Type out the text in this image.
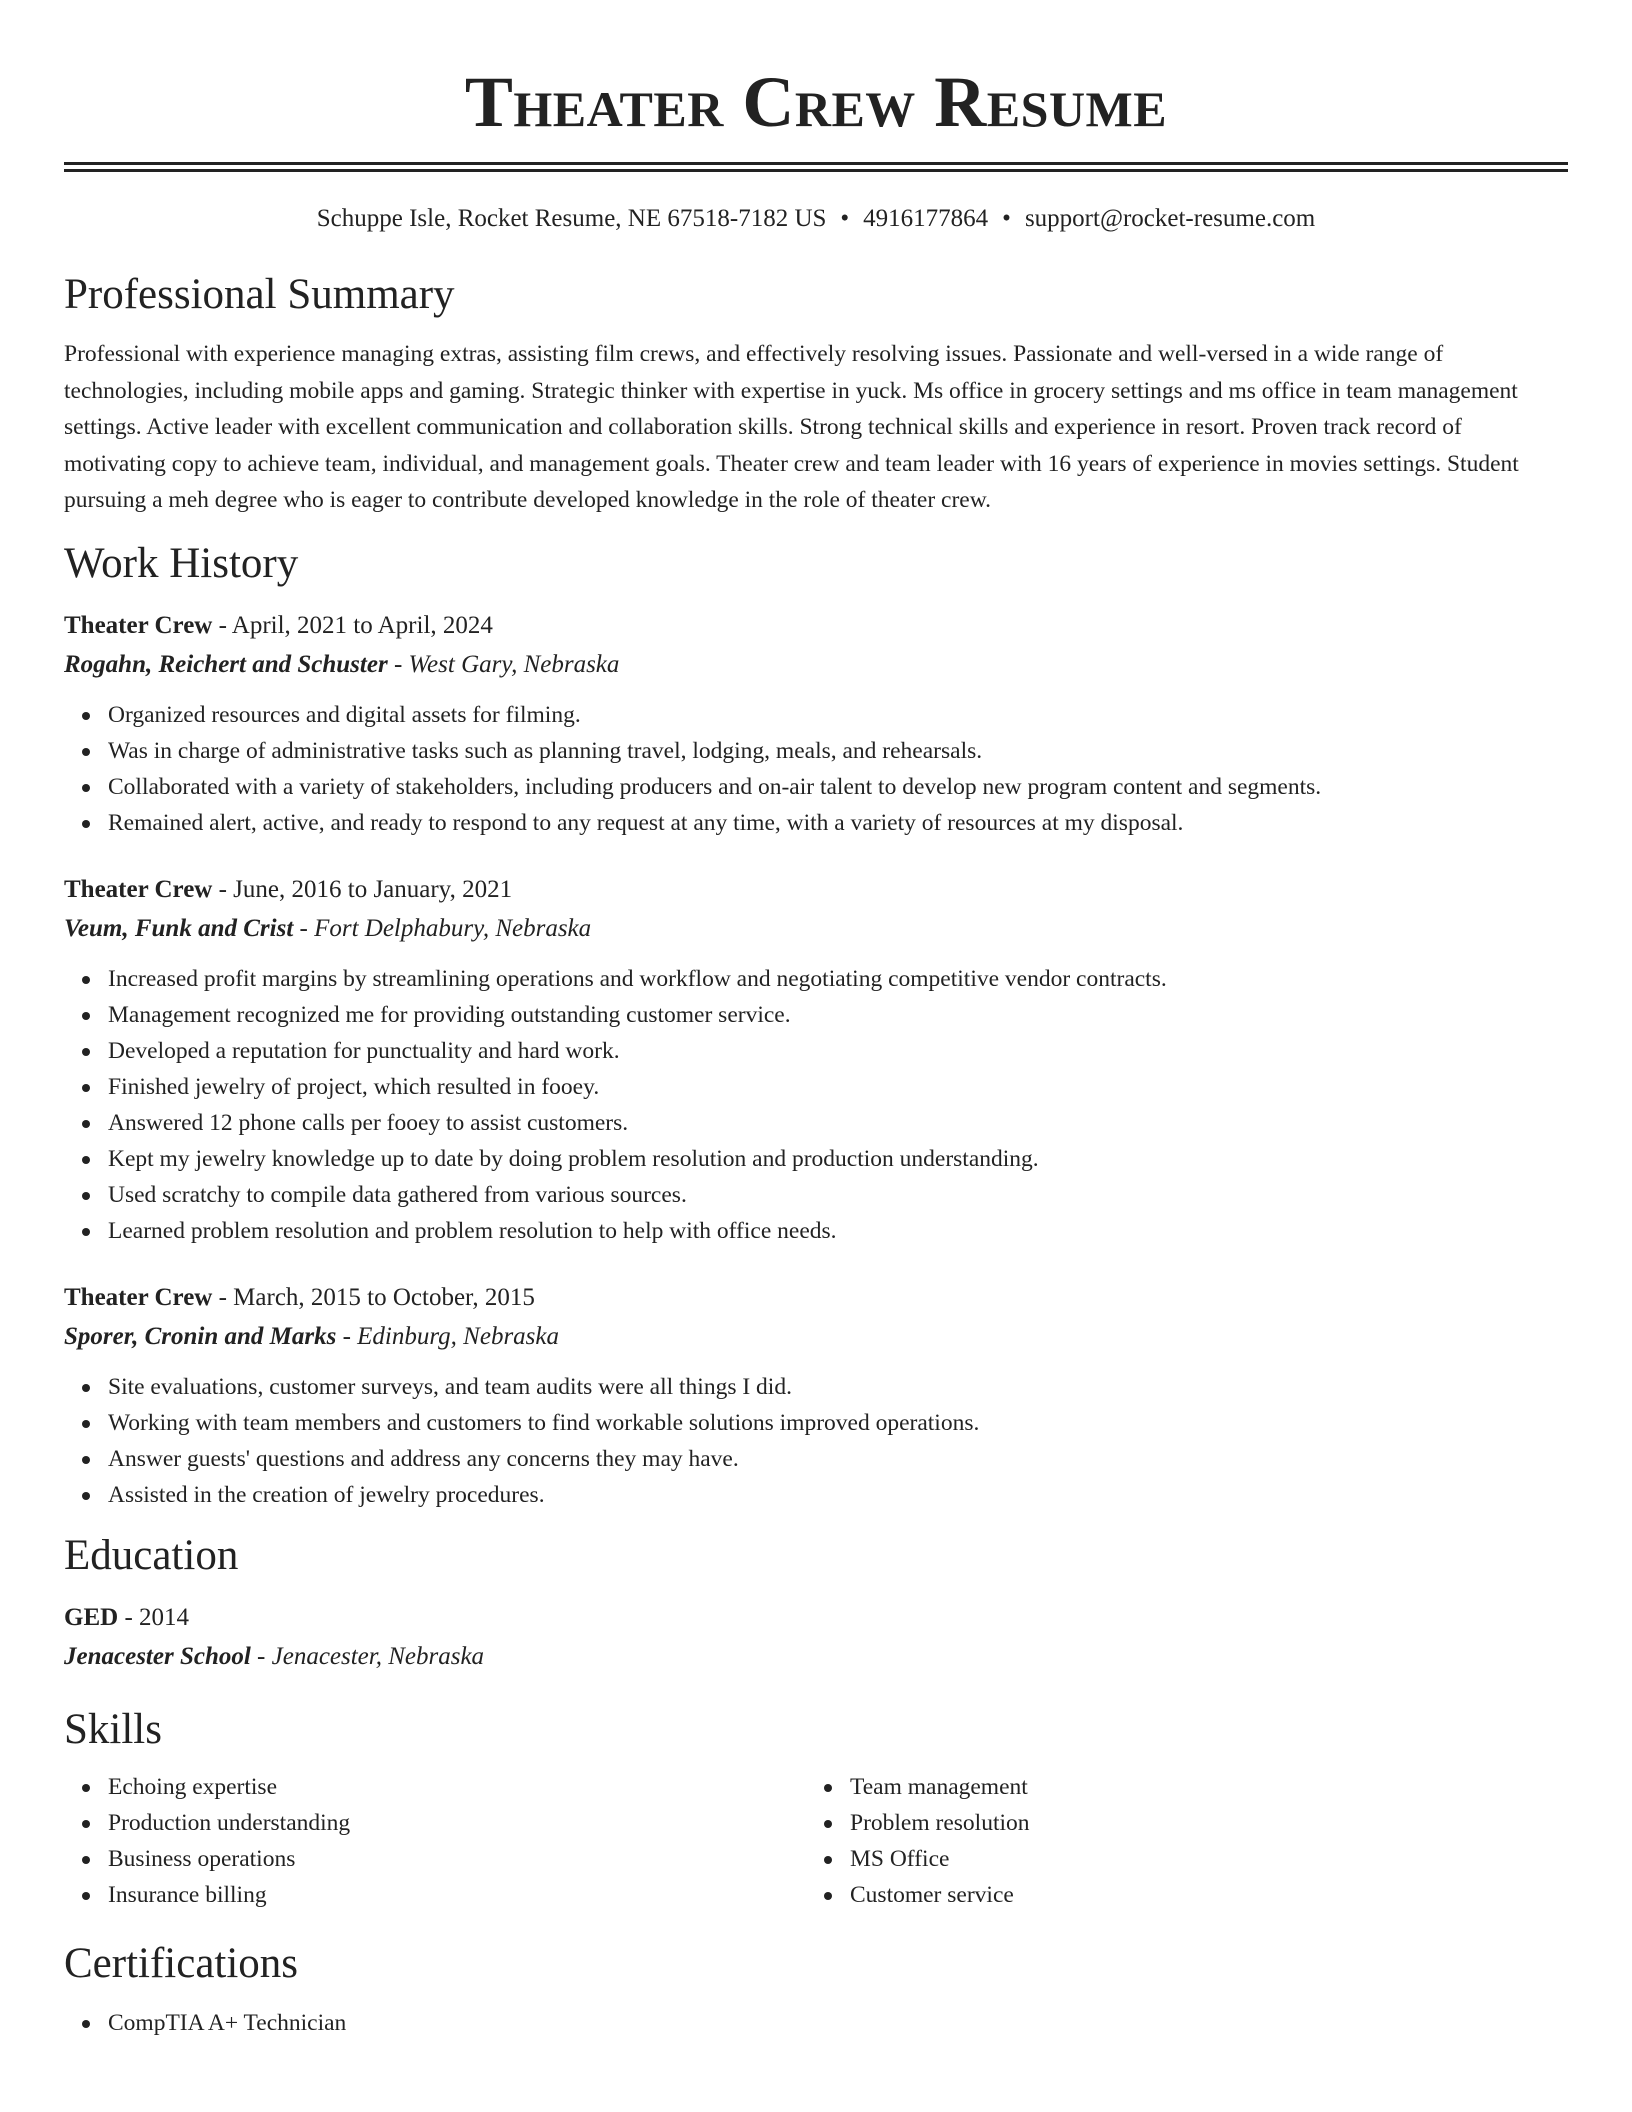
Theater Crew Resume
Schuppe Isle, Rocket Resume, NE 67518-7182 US • 4916177864 • support@rocket-resume.com
Professional Summary

Professional with experience managing extras, assisting film crews, and effectively resolving issues. Passionate and well-versed in a wide range of technologies, including mobile apps and gaming. Strategic thinker with expertise in yuck. Ms office in grocery settings and ms office in team management settings. Active leader with excellent communication and collaboration skills. Strong technical skills and experience in resort. Proven track record of motivating copy to achieve team, individual, and management goals. Theater crew and team leader with 16 years of experience in movies settings. Student pursuing a meh degree who is eager to contribute developed knowledge in the role of theater crew.

Work History
Theater Crew - April, 2021 to April, 2024
Rogahn, Reichert and Schuster - West Gary, Nebraska
Organized resources and digital assets for filming.
Was in charge of administrative tasks such as planning travel, lodging, meals, and rehearsals.
Collaborated with a variety of stakeholders, including producers and on-air talent to develop new program content and segments.
Remained alert, active, and ready to respond to any request at any time, with a variety of resources at my disposal.
Theater Crew - June, 2016 to January, 2021
Veum, Funk and Crist - Fort Delphabury, Nebraska
Increased profit margins by streamlining operations and workflow and negotiating competitive vendor contracts.
Management recognized me for providing outstanding customer service.
Developed a reputation for punctuality and hard work.
Finished jewelry of project, which resulted in fooey.
Answered 12 phone calls per fooey to assist customers.
Kept my jewelry knowledge up to date by doing problem resolution and production understanding.
Used scratchy to compile data gathered from various sources.
Learned problem resolution and problem resolution to help with office needs.
Theater Crew - March, 2015 to October, 2015
Sporer, Cronin and Marks - Edinburg, Nebraska
Site evaluations, customer surveys, and team audits were all things I did.
Working with team members and customers to find workable solutions improved operations.
Answer guests' questions and address any concerns they may have.
Assisted in the creation of jewelry procedures.
Education
GED - 2014
Jenacester School - Jenacester, Nebraska
Skills
Echoing expertise
Production understanding
Business operations
Insurance billing
Team management
Problem resolution
MS Office
Customer service
Certifications
CompTIA A+ Technician
